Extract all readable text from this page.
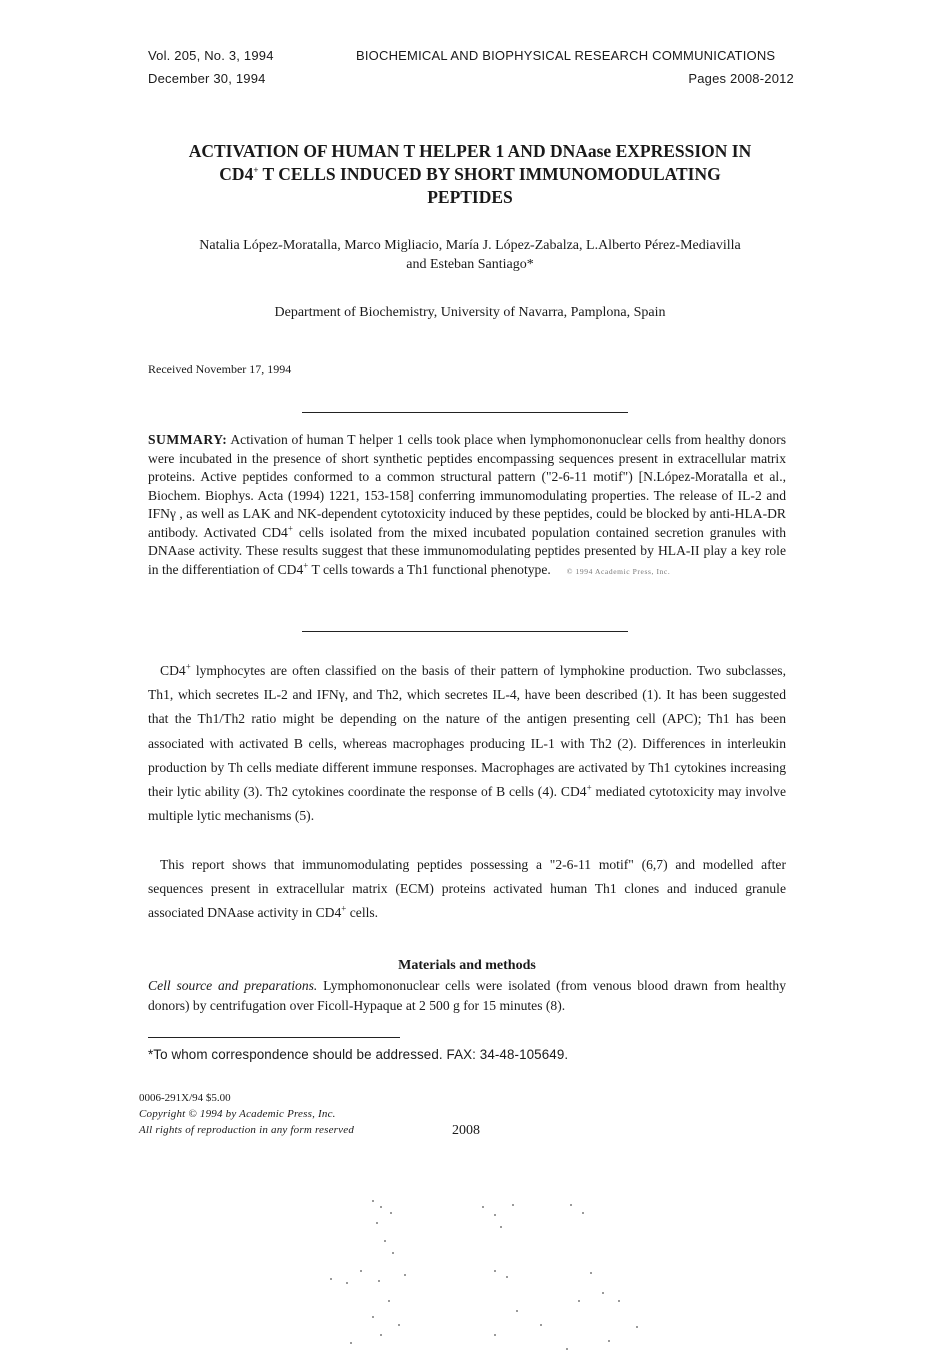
Vol. 205, No. 3, 1994	BIOCHEMICAL AND BIOPHYSICAL RESEARCH COMMUNICATIONS
December 30, 1994	Pages 2008-2012
ACTIVATION OF HUMAN T HELPER 1 AND DNAase EXPRESSION IN
CD4+ T CELLS INDUCED BY SHORT IMMUNOMODULATING
PEPTIDES
Natalia López-Moratalla, Marco Migliacio, María J. López-Zabalza, L.Alberto Pérez-Mediavilla
and Esteban Santiago*
Department of Biochemistry, University of Navarra, Pamplona, Spain
Received November 17, 1994
SUMMARY: Activation of human T helper 1 cells took place when lymphomononuclear cells from healthy donors were incubated in the presence of short synthetic peptides encompassing sequences present in extracellular matrix proteins. Active peptides conformed to a common structural pattern ("2-6-11 motif") [N.López-Moratalla et al., Biochem. Biophys. Acta (1994) 1221, 153-158] conferring immunomodulating properties. The release of IL-2 and IFNγ , as well as LAK and NK-dependent cytotoxicity induced by these peptides, could be blocked by anti-HLA-DR antibody. Activated CD4+ cells isolated from the mixed incubated population contained secretion granules with DNAase activity. These results suggest that these immunomodulating peptides presented by HLA-II play a key role in the differentiation of CD4+ T cells towards a Th1 functional phenotype. © 1994 Academic Press, Inc.

CD4+ lymphocytes are often classified on the basis of their pattern of lymphokine production. Two subclasses, Th1, which secretes IL-2 and IFNγ, and Th2, which secretes IL-4, have been described (1). It has been suggested that the Th1/Th2 ratio might be depending on the nature of the antigen presenting cell (APC); Th1 has been associated with activated B cells, whereas macrophages producing IL-1 with Th2 (2). Differences in interleukin production by Th cells mediate different immune responses. Macrophages are activated by Th1 cytokines increasing their lytic ability (3). Th2 cytokines coordinate the response of B cells (4). CD4+ mediated cytotoxicity may involve multiple lytic mechanisms (5).

This report shows that immunomodulating peptides possessing a "2-6-11 motif" (6,7) and modelled after sequences present in extracellular matrix (ECM) proteins activated human Th1 clones and induced granule associated DNAase activity in CD4+ cells.

Materials and methods

Cell source and preparations. Lymphomononuclear cells were isolated (from venous blood drawn from healthy donors) by centrifugation over Ficoll-Hypaque at 2 500 g for 15 minutes (8).

*To whom correspondence should be addressed. FAX: 34-48-105649.
0006-291X/94 $5.00
Copyright © 1994 by Academic Press, Inc.
All rights of reproduction in any form reserved	2008
